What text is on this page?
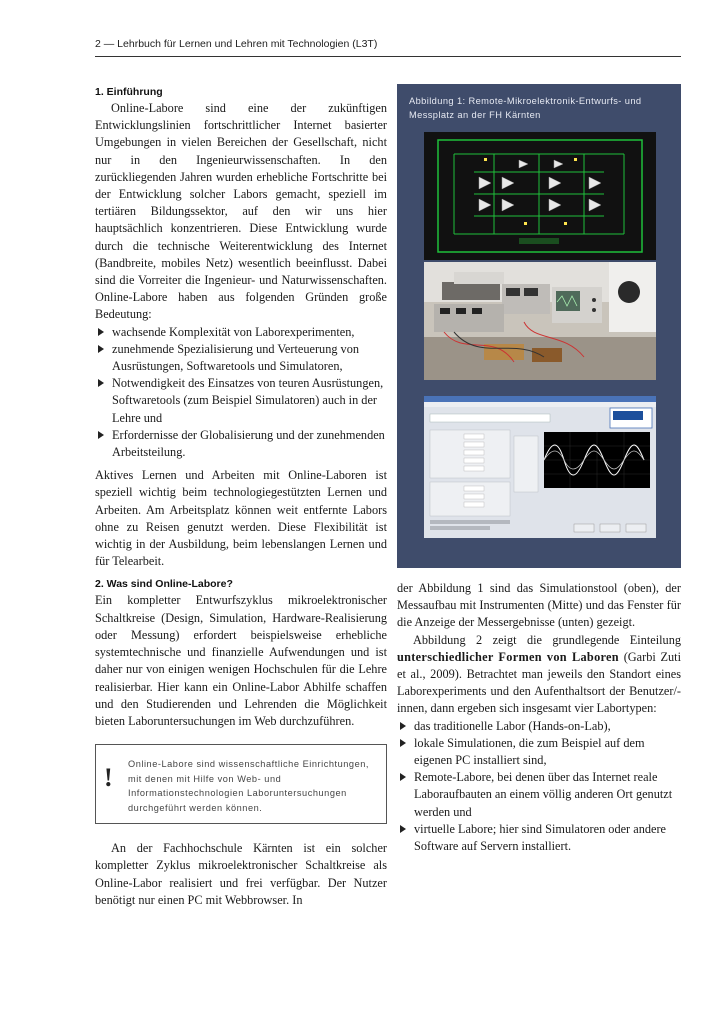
2 — Lehrbuch für Lernen und Lehren mit Technologien (L3T)
1. Einführung

Online-Labore sind eine der zukünftigen Entwicklungslinien fortschrittlicher Internet basierter Umgebungen in vielen Bereichen der Gesellschaft, nicht nur in den Ingenieurwissenschaften. In den zurückliegenden Jahren wurden erhebliche Fortschritte bei der Entwicklung solcher Labors gemacht, speziell im tertiären Bildungssektor, auf den wir uns hier hauptsächlich konzentrieren. Diese Entwicklung wurde durch die technische Weiterentwicklung des Internet (Bandbreite, mobiles Netz) wesentlich beeinflusst. Dabei sind die Vorreiter die Ingenieur- und Naturwissenschaften. Online-Labore haben aus folgenden Gründen große Bedeutung:

wachsende Komplexität von Laborexperimenten,
zunehmende Spezialisierung und Verteuerung von Ausrüstungen, Softwaretools und Simulatoren,
Notwendigkeit des Einsatzes von teuren Ausrüstungen, Softwaretools (zum Beispiel Simulatoren) auch in der Lehre und
Erfordernisse der Globalisierung und der zunehmenden Arbeitsteilung.

Aktives Lernen und Arbeiten mit Online-Laboren ist speziell wichtig beim technologiegestützten Lernen und Arbeiten. Am Arbeitsplatz können weit entfernte Labors ohne zu Reisen genutzt werden. Diese Flexibilität ist wichtig in der Ausbildung, beim lebenslangen Lernen und für Telearbeit.

2. Was sind Online-Labore?

Ein kompletter Entwurfszyklus mikroelektronischer Schaltkreise (Design, Simulation, Hardware-Realisierung oder Messung) erfordert beispielsweise erhebliche systemtechnische und finanzielle Aufwendungen und ist daher nur von einigen wenigen Hochschulen für die Lehre realisierbar. Hier kann ein Online-Labor Abhilfe schaffen und den Studierenden und Lehrenden die Möglichkeit bieten Laboruntersuchungen im Web durchzuführen.

! Online-Labore sind wissenschaftliche Einrichtungen, mit denen mit Hilfe von Web- und Informationstechnologien Laboruntersuchungen durchgeführt werden können.

An der Fachhochschule Kärnten ist ein solcher kompletter Zyklus mikroelektronischer Schaltkreise als Online-Labor realisiert und frei verfügbar. Der Nutzer benötigt nur einen PC mit Webbrowser. In

Abbildung 1: Remote-Mikroelektronik-Entwurfs- und Messplatz an der FH Kärnten

der Abbildung 1 sind das Simulationstool (oben), der Messaufbau mit Instrumenten (Mitte) und das Fenster für die Anzeige der Messergebnisse (unten) gezeigt.

Abbildung 2 zeigt die grundlegende Einteilung unterschiedlicher Formen von Laboren (Garbi Zuti et al., 2009). Betrachtet man jeweils den Standort eines Laborexperiments und den Aufenthaltsort der Benutzer/-innen, dann ergeben sich insgesamt vier Labortypen:

das traditionelle Labor (Hands-on-Lab),
lokale Simulationen, die zum Beispiel auf dem eigenen PC installiert sind,
Remote-Labore, bei denen über das Internet reale Laboraufbauten an einem völlig anderen Ort genutzt werden und
virtuelle Labore; hier sind Simulatoren oder andere Software auf Servern installiert.
